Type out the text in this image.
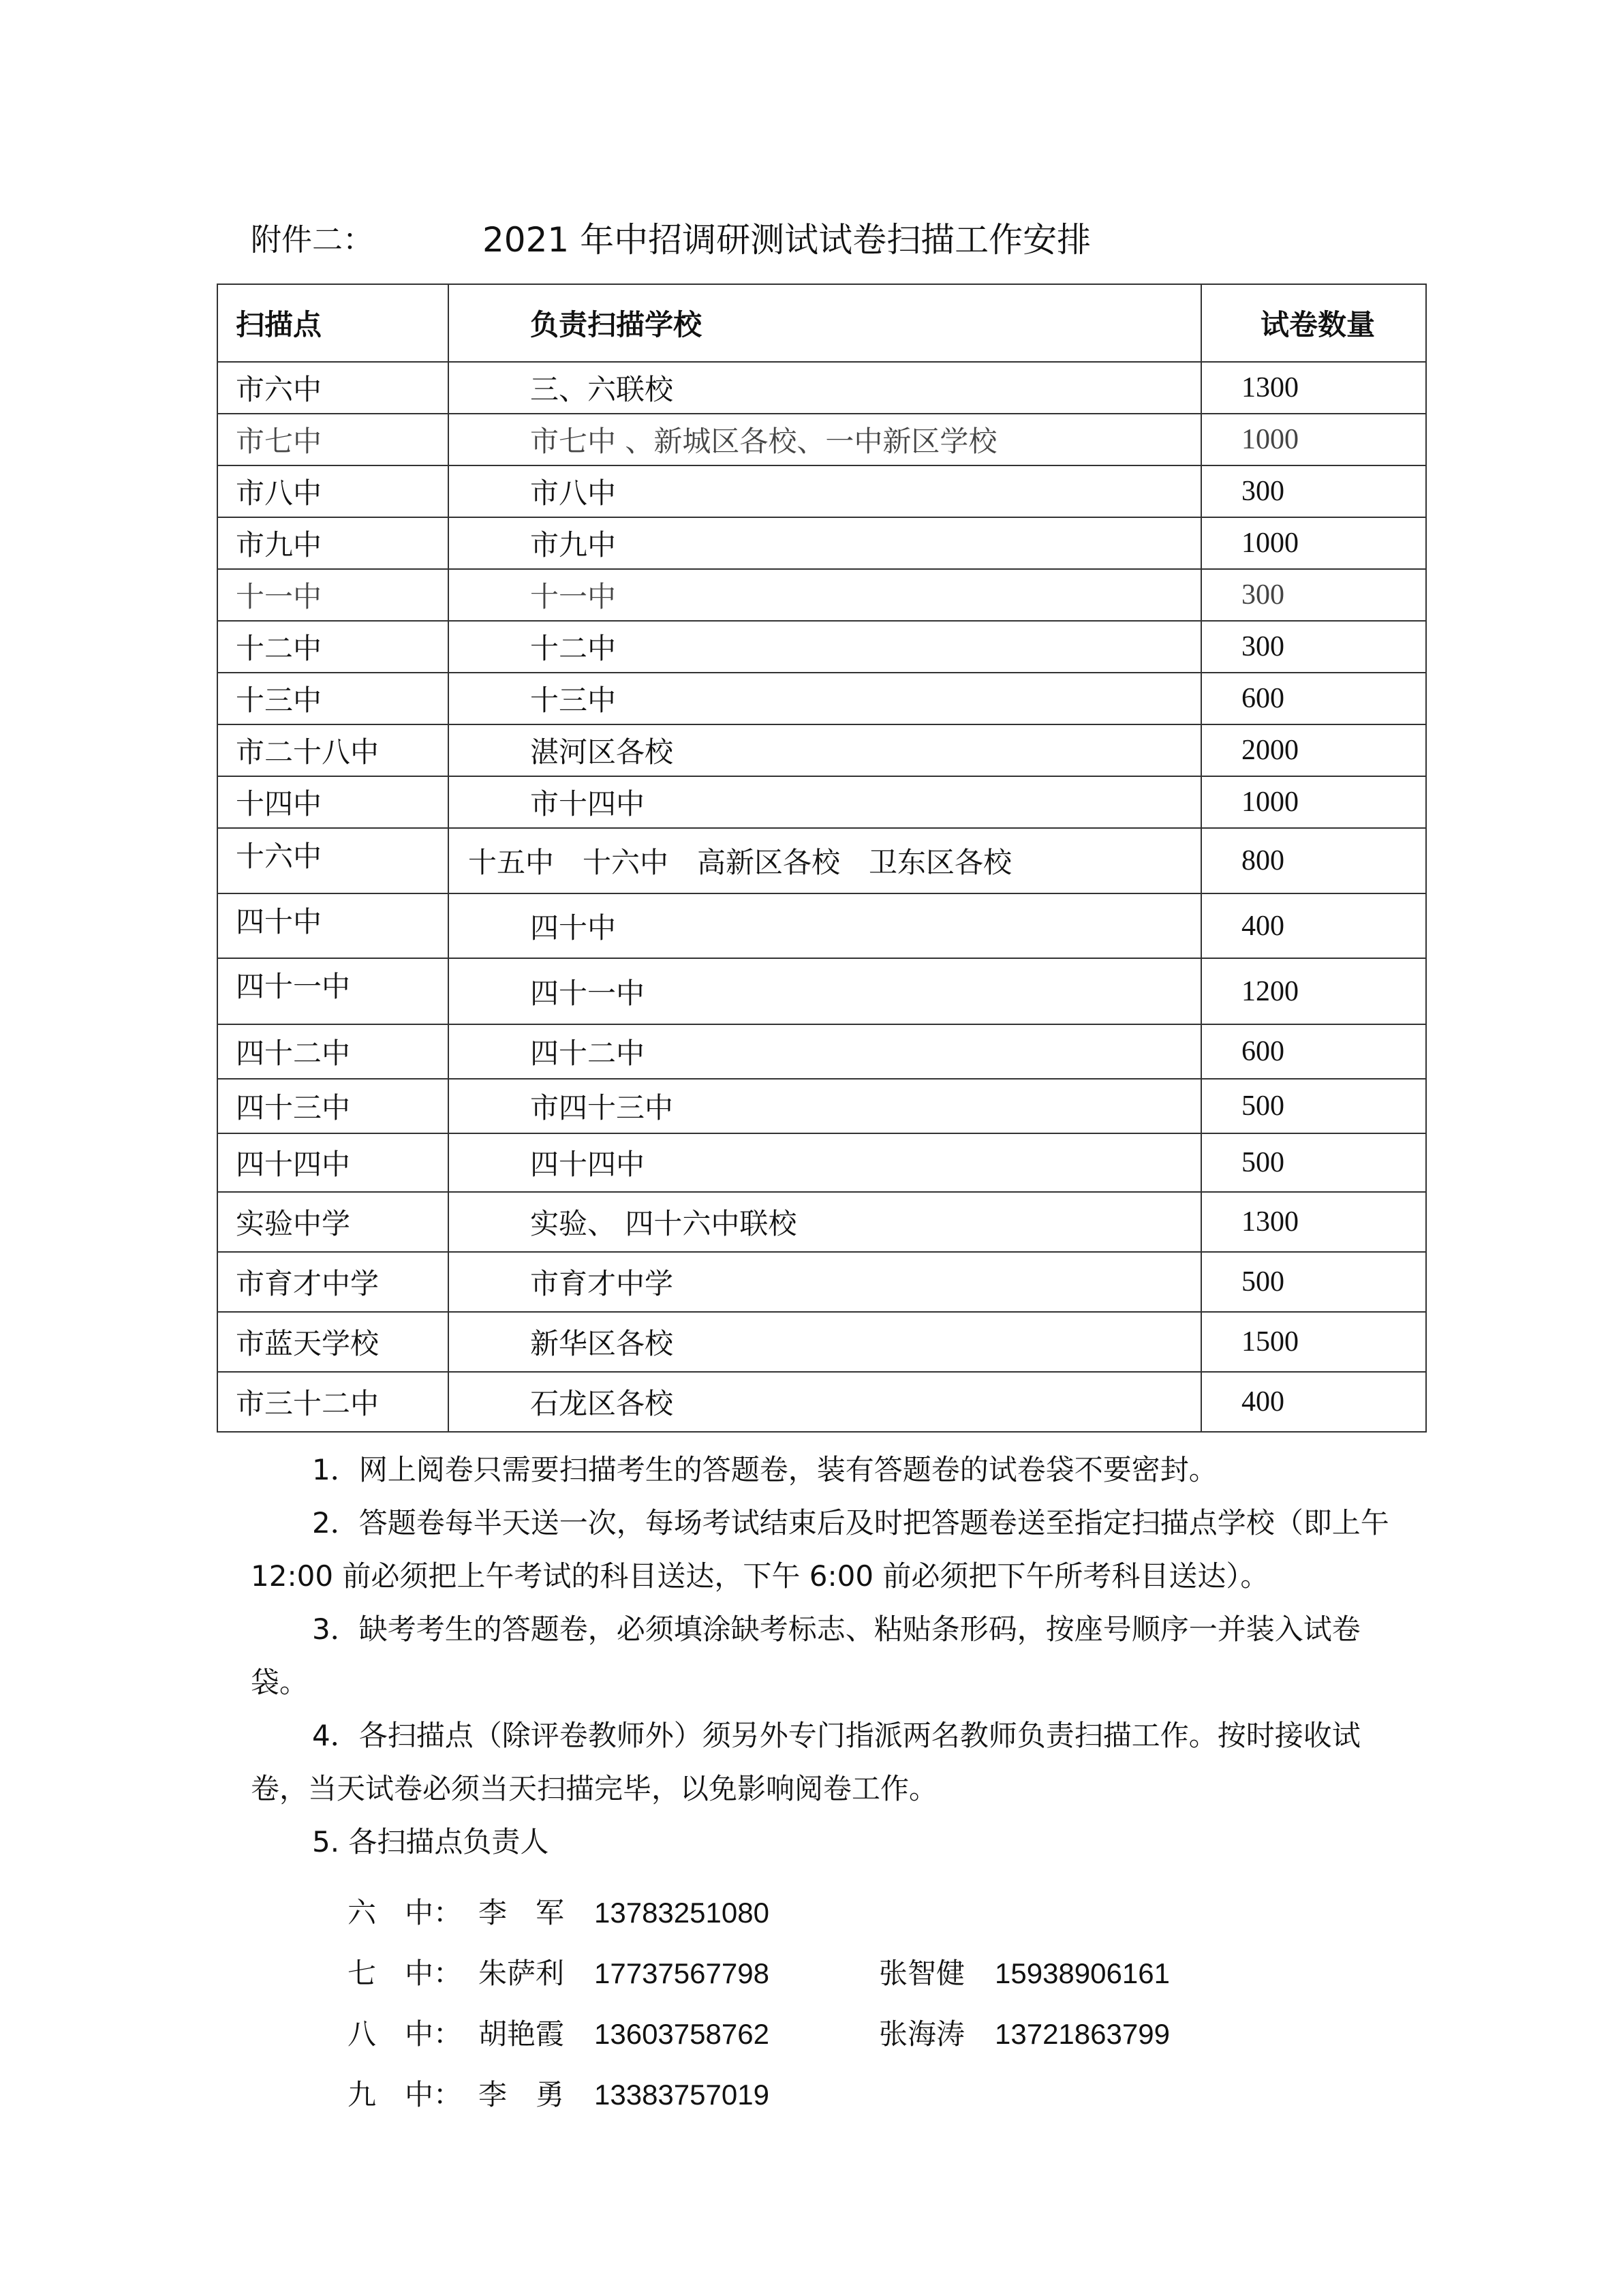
附件二：	2021 年中招调研测试试卷扫描工作安排
扫描点	负责扫描学校	试卷数量
市六中	三、六联校	1300
市七中	市七中 、新城区各校、一中新区学校	1000
市八中	市八中	300
市九中	市九中	1000
十一中	十一中	300
十二中	十二中	300
十三中	十三中	600
市二十八中	湛河区各校	2000
十四中	市十四中	1000
十六中	十五中　十六中　高新区各校　卫东区各校	800
四十中	四十中	400
四十一中	四十一中	1200
四十二中	四十二中	600
四十三中	市四十三中	500
四十四中	四十四中	500
实验中学	实验、 四十六中联校	1300
市育才中学	市育才中学	500
市蓝天学校	新华区各校	1500
市三十二中	石龙区各校	400

1．网上阅卷只需要扫描考生的答题卷，装有答题卷的试卷袋不要密封。

2．答题卷每半天送一次，每场考试结束后及时把答题卷送至指定扫描点学校（即上午 12:00 前必须把上午考试的科目送达，下午 6:00 前必须把下午所考科目送达）。

3．缺考考生的答题卷，必须填涂缺考标志、粘贴条形码，按座号顺序一并装入试卷袋。

4．各扫描点（除评卷教师外）须另外专门指派两名教师负责扫描工作。按时接收试卷，当天试卷必须当天扫描完毕，以免影响阅卷工作。

5. 各扫描点负责人

六　中： 李　军 13783251080
七　中： 朱萨利 17737567798	张智健 15938906161
八　中： 胡艳霞 13603758762	张海涛 13721863799
九　中： 李　勇 13383757019
